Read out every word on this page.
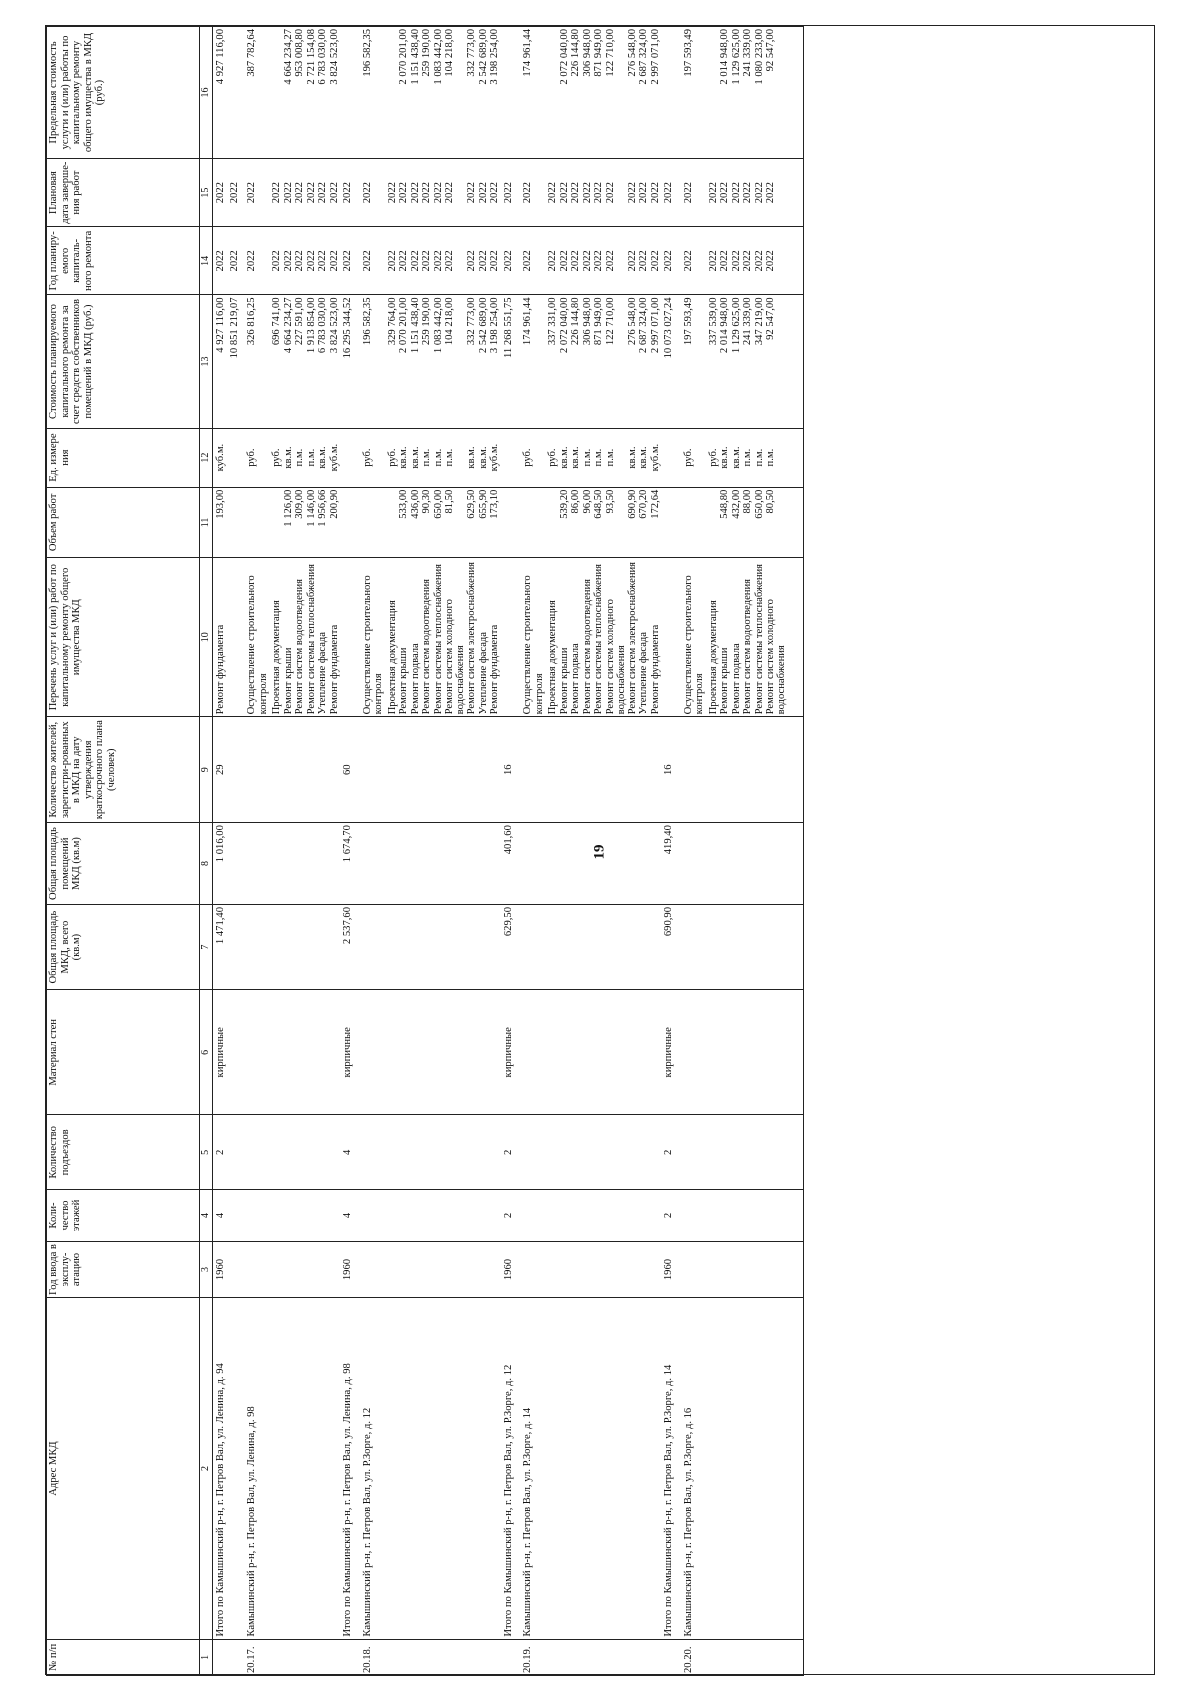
19
№ п/п	Адрес МКД	Год ввода в эксплу-атацию	Коли-чество этажей	Количество подъездов	Материал стен	Общая площадь МКД, всего (кв.м)	Общая площадь помещений МКД (кв.м)	Количество жителей, зарегистри-рованных в МКД на дату утверждения краткосрочного плана (человек)	Перечень услуг и (или) работ по капитальному ремонту общего имущества МКД	Объем работ	Ед. измере ния	Стоимость планируемого капитального ремонта за счет средств собственников помещений в МКД (руб.)	Год планиру-емого капиталь-ного ремонта	Плановая дата заверше-ния работ	Предельная стоимость услуги и (или) работы по капитальному ремонту общего имущества в МКД (руб.)
1	2	3	4	5	6	7	8	9	10	11	12	13	14	15	16
	Итого по Камышинский р-н, г. Петров Вал, ул. Ленина, д. 94	1960	4	2	кирпичные	1 471,40	1 016,00	29	Ремонт фундамента	193,00	куб.м.	4 927 116,00	2022	2022	4 927 116,00
												10 851 219,07	2022	2022	
20.17.	Камышинский р-н, г. Петров Вал, ул. Ленина, д. 98								Осуществление строительного контроля		руб.	326 816,25	2022	2022	387 782,64
									Проектная документация		руб.	696 741,00	2022	2022	
									Ремонт крыши	1 126,00	кв.м.	4 664 234,27	2022	2022	4 664 234,27
									Ремонт систем водоотведения	309,00	п.м.	227 591,00	2022	2022	953 008,80
									Ремонт системы теплоснабжения	1 146,00	п.м.	1 913 854,00	2022	2022	2 721 154,08
									Утепление фасада	1 956,66	кв.м.	6 783 030,00	2022	2022	6 783 030,00
									Ремонт фундамента	200,90	куб.м.	3 824 523,00	2022	2022	3 824 523,00
	Итого по Камышинский р-н, г. Петров Вал, ул. Ленина, д. 98	1960	4	4	кирпичные	2 537,60	1 674,70	60				16 295 344,52	2022	2022	
20.18.	Камышинский р-н, г. Петров Вал, ул. Р.Зорге, д. 12								Осуществление строительного контроля		руб.	196 582,35	2022	2022	196 582,35
									Проектная документация		руб.	329 764,00	2022	2022	
									Ремонт крыши	533,00	кв.м.	2 070 201,00	2022	2022	2 070 201,00
									Ремонт подвала	436,00	кв.м.	1 151 438,40	2022	2022	1 151 438,40
									Ремонт систем водоотведения	90,30	п.м.	259 190,00	2022	2022	259 190,00
									Ремонт системы теплоснабжения	650,00	п.м.	1 083 442,00	2022	2022	1 083 442,00
									Ремонт систем холодного водоснабжения	81,50	п.м.	104 218,00	2022	2022	104 218,00
									Ремонт систем электроснабжения	629,50	кв.м.	332 773,00	2022	2022	332 773,00
									Утепление фасада	655,90	кв.м.	2 542 689,00	2022	2022	2 542 689,00
									Ремонт фундамента	173,10	куб.м.	3 198 254,00	2022	2022	3 198 254,00
	Итого по Камышинский р-н, г. Петров Вал, ул. Р.Зорге, д. 12	1960	2	2	кирпичные	629,50	401,60	16				11 268 551,75	2022	2022	
20.19.	Камышинский р-н, г. Петров Вал, ул. Р.Зорге, д. 14								Осуществление строительного контроля		руб.	174 961,44	2022	2022	174 961,44
									Проектная документация		руб.	337 331,00	2022	2022	
									Ремонт крыши	539,20	кв.м.	2 072 040,00	2022	2022	2 072 040,00
									Ремонт подвала	86,00	кв.м.	226 144,80	2022	2022	226 144,80
									Ремонт систем водоотведения	96,00	п.м.	306 948,00	2022	2022	306 948,00
									Ремонт системы теплоснабжения	648,50	п.м.	871 949,00	2022	2022	871 949,00
									Ремонт систем холодного водоснабжения	93,50	п.м.	122 710,00	2022	2022	122 710,00
									Ремонт систем электроснабжения	690,90	кв.м.	276 548,00	2022	2022	276 548,00
									Утепление фасада	670,20	кв.м.	2 687 324,00	2022	2022	2 687 324,00
									Ремонт фундамента	172,64	куб.м.	2 997 071,00	2022	2022	2 997 071,00
	Итого по Камышинский р-н, г. Петров Вал, ул. Р.Зорге, д. 14	1960	2	2	кирпичные	690,90	419,40	16				10 073 027,24	2022	2022	
20.20.	Камышинский р-н, г. Петров Вал, ул. Р.Зорге, д. 16								Осуществление строительного контроля		руб.	197 593,49	2022	2022	197 593,49
									Проектная документация		руб.	337 539,00	2022	2022	
									Ремонт крыши	548,80	кв.м.	2 014 948,00	2022	2022	2 014 948,00
									Ремонт подвала	432,00	кв.м.	1 129 625,00	2022	2022	1 129 625,00
									Ремонт систем водоотведения	88,00	п.м.	241 339,00	2022	2022	241 339,00
									Ремонт системы теплоснабжения	650,00	п.м.	347 219,00	2022	2022	1 080 233,00
									Ремонт систем холодного водоснабжения	80,50	п.м.	92 547,00	2022	2022	92 547,00
